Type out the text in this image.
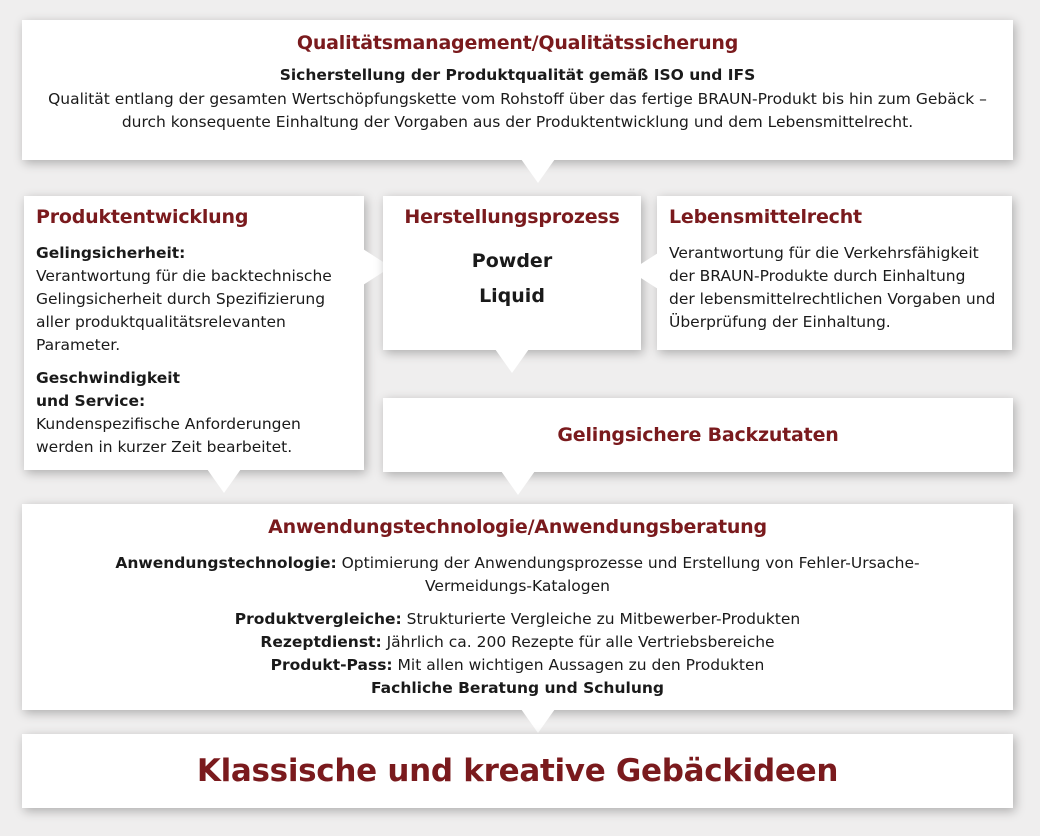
Qualitätsmanagement/Qualitätssicherung
Sicherstellung der Produktqualität gemäß ISO und IFS
Qualität entlang der gesamten Wertschöpfungskette vom Rohstoff über das fertige BRAUN-Produkt bis hin zum Gebäck –
durch konsequente Einhaltung der Vorgaben aus der Produktentwicklung und dem Lebensmittelrecht.
Produktentwicklung
Gelingsicherheit:
Verantwortung für die backtechnische
Gelingsicherheit durch Spezifizierung
aller produktqualitätsrelevanten
Parameter.
Geschwindigkeit
und Service:
Kundenspezifische Anforderungen
werden in kurzer Zeit bearbeitet.
Herstellungsprozess
Powder
Liquid
Lebensmittelrecht
Verantwortung für die Verkehrsfähigkeit
der BRAUN-Produkte durch Einhaltung
der lebensmittelrechtlichen Vorgaben und
Überprüfung der Einhaltung.
Gelingsichere Backzutaten
Anwendungstechnologie/Anwendungsberatung
Anwendungstechnologie: Optimierung der Anwendungsprozesse und Erstellung von Fehler-Ursache-
Vermeidungs-Katalogen
Produktvergleiche: Strukturierte Vergleiche zu Mitbewerber-Produkten
Rezeptdienst: Jährlich ca. 200 Rezepte für alle Vertriebsbereiche
Produkt-Pass: Mit allen wichtigen Aussagen zu den Produkten
Fachliche Beratung und Schulung
Klassische und kreative Gebäckideen
